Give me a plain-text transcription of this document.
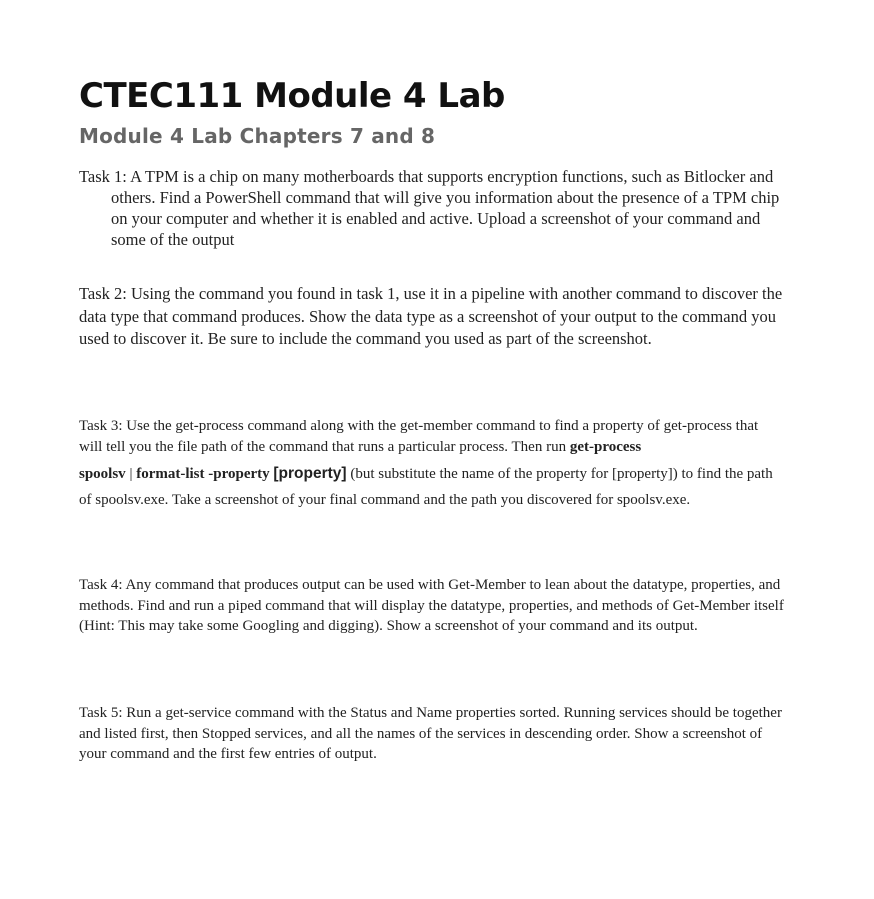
CTEC111 Module 4 Lab
Module 4 Lab Chapters 7 and 8

Task 1: A TPM is a chip on many motherboards that supports encryption functions, such as Bitlocker and others. Find a PowerShell command that will give you information about the presence of a TPM chip on your computer and whether it is enabled and active. Upload a screenshot of your command and some of the output

Task 2: Using the command you found in task 1, use it in a pipeline with another command to discover the data type that command produces. Show the data type as a screenshot of your output to the command you used to discover it. Be sure to include the command you used as part of the screenshot.

Task 3: Use the get-process command along with the get-member command to find a property of get-process that will tell you the file path of the command that runs a particular process. Then run get-process
spoolsv | format-list -property [property] (but substitute the name of the property for [property]) to find the path of spoolsv.exe. Take a screenshot of your final command and the path you discovered for spoolsv.exe.

Task 4: Any command that produces output can be used with Get-Member to lean about the datatype, properties, and methods. Find and run a piped command that will display the datatype, properties, and methods of Get-Member itself (Hint: This may take some Googling and digging). Show a screenshot of your command and its output.

Task 5: Run a get-service command with the Status and Name properties sorted. Running services should be together and listed first, then Stopped services, and all the names of the services in descending order. Show a screenshot of your command and the first few entries of output.
